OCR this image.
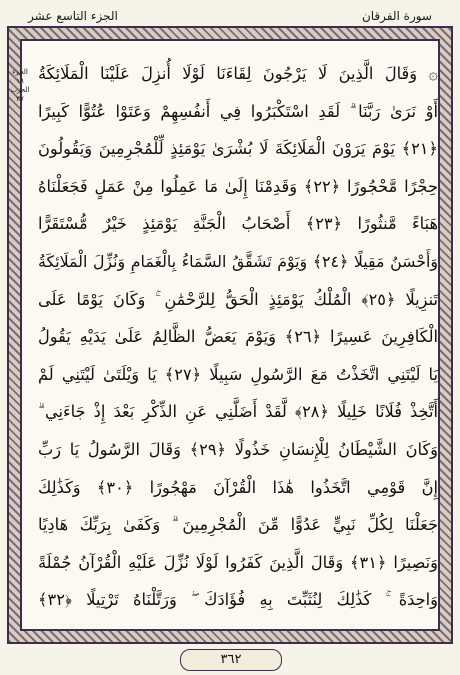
الجزء التاسع عشر	سورة الفرقان
۞ وَقَالَ الَّذِينَ لَا يَرْجُونَ لِقَاءَنَا لَوْلَا أُنزِلَ عَلَيْنَا الْمَلَائِكَةُ
أَوْ نَرَىٰ رَبَّنَا ۗ لَقَدِ اسْتَكْبَرُوا فِي أَنفُسِهِمْ وَعَتَوْا عُتُوًّا كَبِيرًا
﴿٢١﴾ يَوْمَ يَرَوْنَ الْمَلَائِكَةَ لَا بُشْرَىٰ يَوْمَئِذٍ لِّلْمُجْرِمِينَ وَيَقُولُونَ
حِجْرًا مَّحْجُورًا ﴿٢٢﴾ وَقَدِمْنَا إِلَىٰ مَا عَمِلُوا مِنْ عَمَلٍ فَجَعَلْنَاهُ
هَبَاءً مَّنثُورًا ﴿٢٣﴾ أَصْحَابُ الْجَنَّةِ يَوْمَئِذٍ خَيْرٌ مُّسْتَقَرًّا
وَأَحْسَنُ مَقِيلًا ﴿٢٤﴾ وَيَوْمَ تَشَقَّقُ السَّمَاءُ بِالْغَمَامِ وَنُزِّلَ الْمَلَائِكَةُ
تَنزِيلًا ﴿٢٥﴾ الْمُلْكُ يَوْمَئِذٍ الْحَقُّ لِلرَّحْمَٰنِ ۚ وَكَانَ يَوْمًا عَلَى
الْكَافِرِينَ عَسِيرًا ﴿٢٦﴾ وَيَوْمَ يَعَضُّ الظَّالِمُ عَلَىٰ يَدَيْهِ يَقُولُ
يَا لَيْتَنِي اتَّخَذْتُ مَعَ الرَّسُولِ سَبِيلًا ﴿٢٧﴾ يَا وَيْلَتَىٰ لَيْتَنِي لَمْ
أَتَّخِذْ فُلَانًا خَلِيلًا ﴿٢٨﴾ لَّقَدْ أَضَلَّنِي عَنِ الذِّكْرِ بَعْدَ إِذْ جَاءَنِي ۗ
وَكَانَ الشَّيْطَانُ لِلْإِنسَانِ خَذُولًا ﴿٢٩﴾ وَقَالَ الرَّسُولُ يَا رَبِّ
إِنَّ قَوْمِي اتَّخَذُوا هَٰذَا الْقُرْآنَ مَهْجُورًا ﴿٣٠﴾ وَكَذَٰلِكَ
جَعَلْنَا لِكُلِّ نَبِيٍّ عَدُوًّا مِّنَ الْمُجْرِمِينَ ۗ وَكَفَىٰ بِرَبِّكَ هَادِيًا
وَنَصِيرًا ﴿٣١﴾ وَقَالَ الَّذِينَ كَفَرُوا لَوْلَا نُزِّلَ عَلَيْهِ الْقُرْآنُ جُمْلَةً
وَاحِدَةً ۚ كَذَٰلِكَ لِنُثَبِّتَ بِهِ فُؤَادَكَ ۖ وَرَتَّلْنَاهُ تَرْتِيلًا ﴿٣٢﴾
الجزء ١٩
الحزب ٣٧
٣٦٢
